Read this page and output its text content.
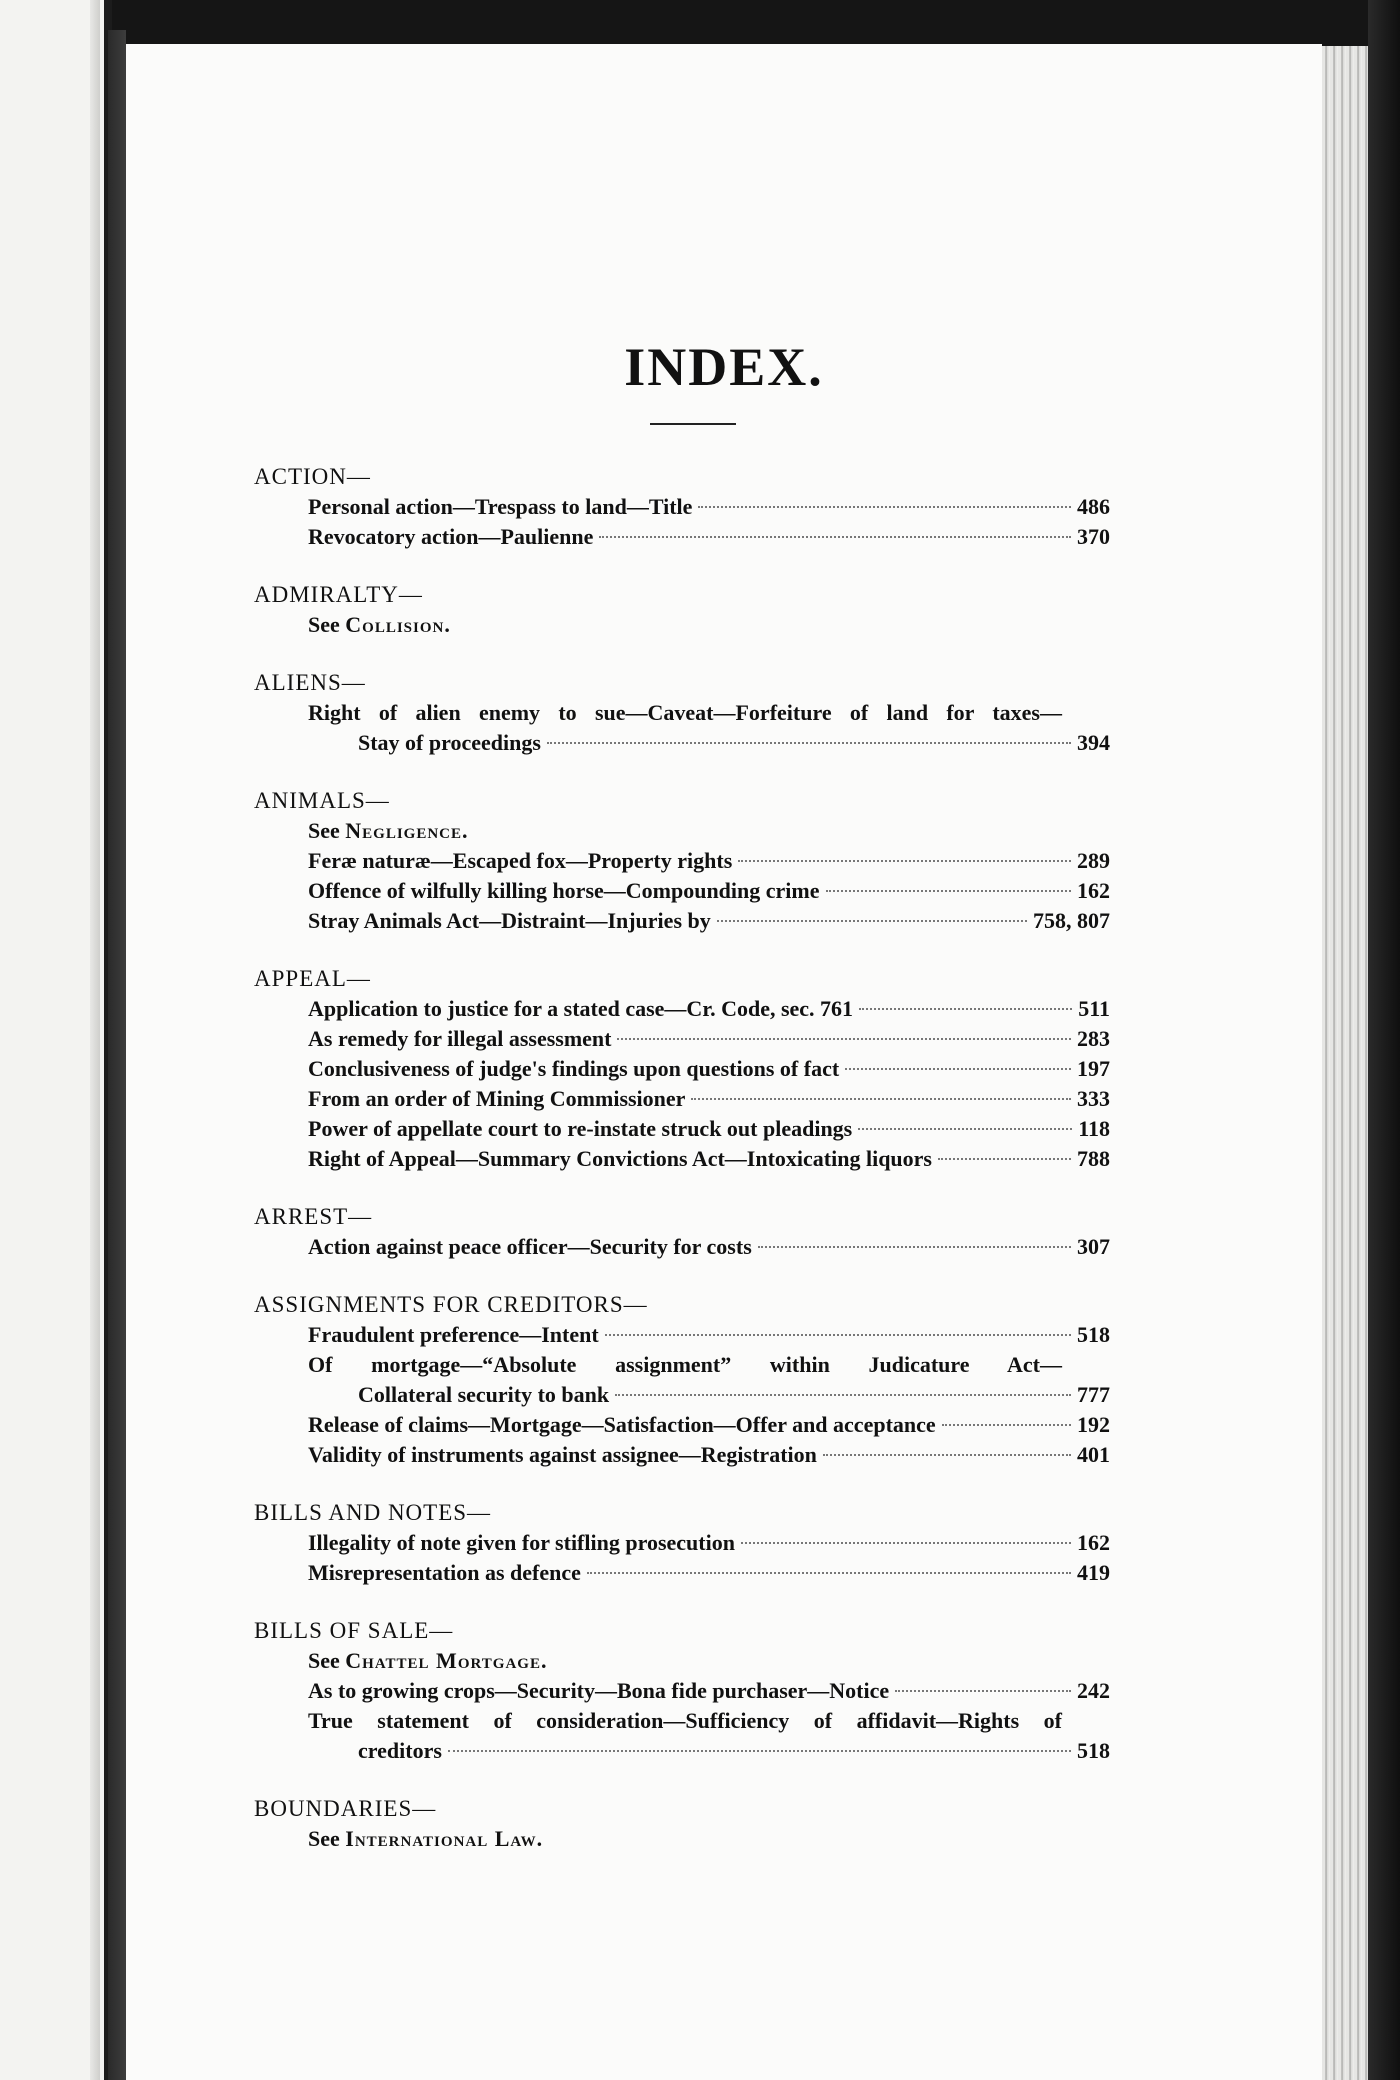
INDEX.
ACTION—
Personal action—Trespass to land—Title	486
Revocatory action—Paulienne	370
ADMIRALTY—
See Collision.
ALIENS—
Right of alien enemy to sue—Caveat—Forfeiture of land for taxes—
Stay of proceedings	394
ANIMALS—
See Negligence.
Feræ naturæ—Escaped fox—Property rights	289
Offence of wilfully killing horse—Compounding crime	162
Stray Animals Act—Distraint—Injuries by	758, 807
APPEAL—
Application to justice for a stated case—Cr. Code, sec. 761	511
As remedy for illegal assessment	283
Conclusiveness of judge's findings upon questions of fact	197
From an order of Mining Commissioner	333
Power of appellate court to re-instate struck out pleadings	118
Right of Appeal—Summary Convictions Act—Intoxicating liquors	788
ARREST—
Action against peace officer—Security for costs	307
ASSIGNMENTS FOR CREDITORS—
Fraudulent preference—Intent	518
Of mortgage—“Absolute assignment” within Judicature Act—
Collateral security to bank	777
Release of claims—Mortgage—Satisfaction—Offer and acceptance	192
Validity of instruments against assignee—Registration	401
BILLS AND NOTES—
Illegality of note given for stifling prosecution	162
Misrepresentation as defence	419
BILLS OF SALE—
See Chattel Mortgage.
As to growing crops—Security—Bona fide purchaser—Notice	242
True statement of consideration—Sufficiency of affidavit—Rights of
creditors	518
BOUNDARIES—
See International Law.
